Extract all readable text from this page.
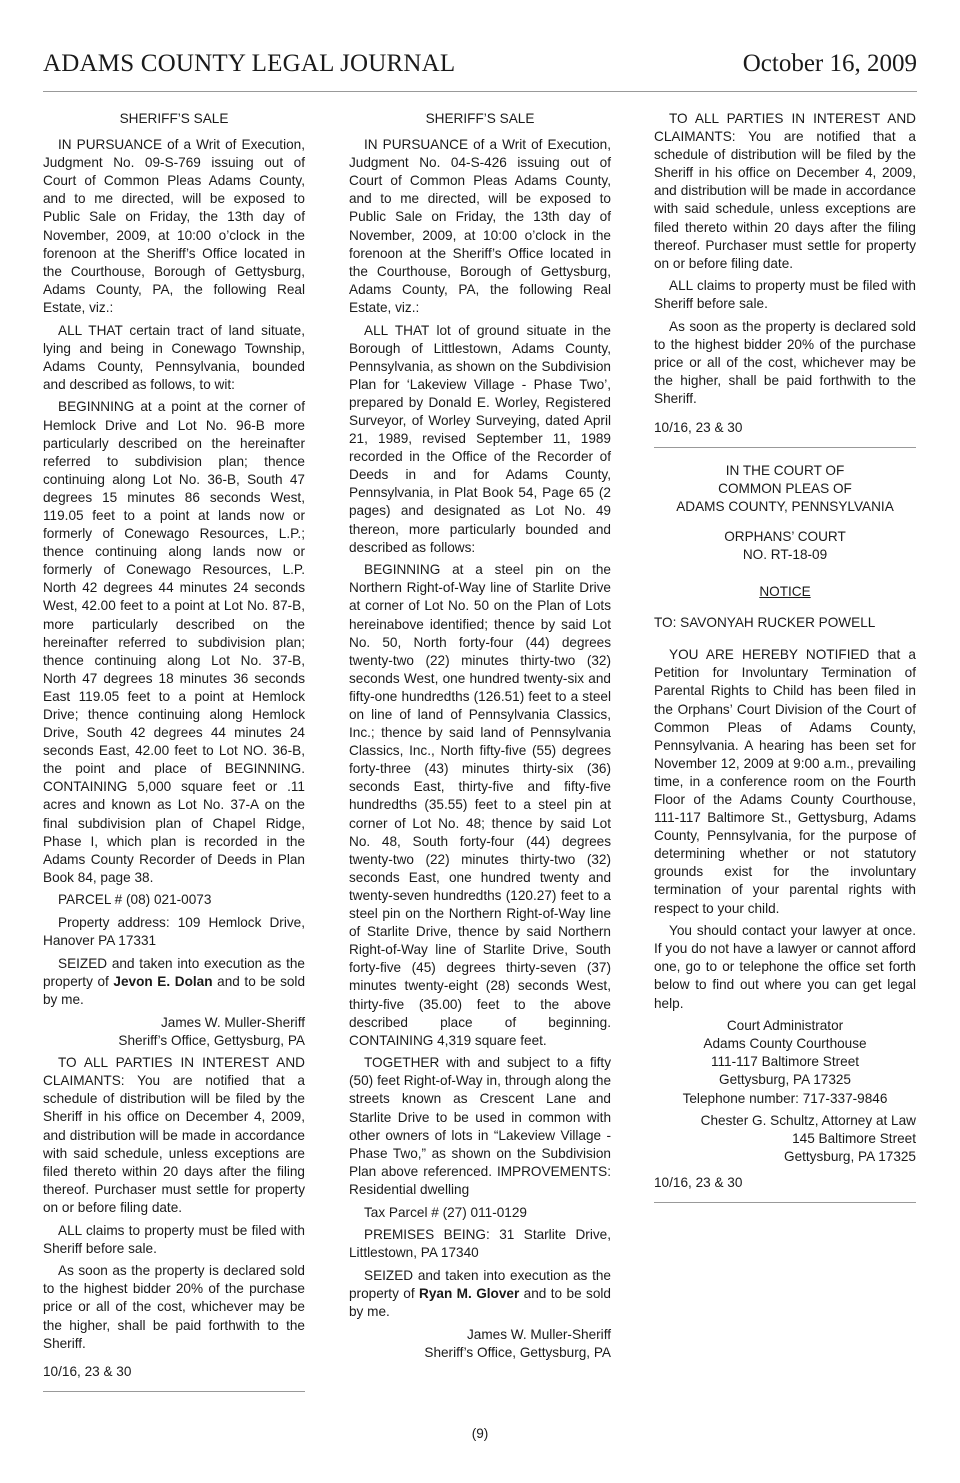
ADAMS COUNTY LEGAL JOURNAL	October 16, 2009
SHERIFF’S SALE

IN PURSUANCE of a Writ of Execution, Judgment No. 09-S-769 issuing out of Court of Common Pleas Adams County, and to me directed, will be exposed to Public Sale on Friday, the 13th day of November, 2009, at 10:00 o’clock in the forenoon at the Sheriff’s Office located in the Courthouse, Borough of Gettysburg, Adams County, PA, the following Real Estate, viz.:

ALL THAT certain tract of land situate, lying and being in Conewago Township, Adams County, Pennsylvania, bounded and described as follows, to wit:

BEGINNING at a point at the corner of Hemlock Drive and Lot No. 96-B more particularly described on the hereinafter referred to subdivision plan; thence continuing along Lot No. 36-B, South 47 degrees 15 minutes 86 seconds West, 119.05 feet to a point at lands now or formerly of Conewago Resources, L.P.; thence continuing along lands now or formerly of Conewago Resources, L.P. North 42 degrees 44 minutes 24 seconds West, 42.00 feet to a point at Lot No. 87-B, more particularly described on the hereinafter referred to subdivision plan; thence continuing along Lot No. 37-B, North 47 degrees 18 minutes 36 seconds East 119.05 feet to a point at Hemlock Drive; thence continuing along Hemlock Drive, South 42 degrees 44 minutes 24 seconds East, 42.00 feet to Lot NO. 36-B, the point and place of BEGINNING. CONTAINING 5,000 square feet or .11 acres and known as Lot No. 37-A on the final subdivision plan of Chapel Ridge, Phase I, which plan is recorded in the Adams County Recorder of Deeds in Plan Book 84, page 38.

PARCEL # (08) 021-0073

Property address: 109 Hemlock Drive, Hanover PA 17331

SEIZED and taken into execution as the property of Jevon E. Dolan and to be sold by me.

James W. Muller-Sheriff
Sheriff’s Office, Gettysburg, PA

TO ALL PARTIES IN INTEREST AND CLAIMANTS: You are notified that a schedule of distribution will be filed by the Sheriff in his office on December 4, 2009, and distribution will be made in accordance with said schedule, unless exceptions are filed thereto within 20 days after the filing thereof. Purchaser must settle for property on or before filing date.

ALL claims to property must be filed with Sheriff before sale.

As soon as the property is declared sold to the highest bidder 20% of the purchase price or all of the cost, whichever may be the higher, shall be paid forthwith to the Sheriff.

10/16, 23 & 30

SHERIFF’S SALE

IN PURSUANCE of a Writ of Execution, Judgment No. 04-S-426 issuing out of Court of Common Pleas Adams County, and to me directed, will be exposed to Public Sale on Friday, the 13th day of November, 2009, at 10:00 o’clock in the forenoon at the Sheriff’s Office located in the Courthouse, Borough of Gettysburg, Adams County, PA, the following Real Estate, viz.:

ALL THAT lot of ground situate in the Borough of Littlestown, Adams County, Pennsylvania, as shown on the Subdivision Plan for ‘Lakeview Village - Phase Two’, prepared by Donald E. Worley, Registered Surveyor, of Worley Surveying, dated April 21, 1989, revised September 11, 1989 recorded in the Office of the Recorder of Deeds in and for Adams County, Pennsylvania, in Plat Book 54, Page 65 (2 pages) and designated as Lot No. 49 thereon, more particularly bounded and described as follows:

BEGINNING at a steel pin on the Northern Right-of-Way line of Starlite Drive at corner of Lot No. 50 on the Plan of Lots hereinabove identified; thence by said Lot No. 50, North forty-four (44) degrees twenty-two (22) minutes thirty-two (32) seconds West, one hundred twenty-six and fifty-one hundredths (126.51) feet to a steel on line of land of Pennsylvania Classics, Inc.; thence by said land of Pennsylvania Classics, Inc., North fifty-five (55) degrees forty-three (43) minutes thirty-six (36) seconds East, thirty-five and fifty-five hundredths (35.55) feet to a steel pin at corner of Lot No. 48; thence by said Lot No. 48, South forty-four (44) degrees twenty-two (22) minutes thirty-two (32) seconds East, one hundred twenty and twenty-seven hundredths (120.27) feet to a steel pin on the Northern Right-of-Way line of Starlite Drive, thence by said Northern Right-of-Way line of Starlite Drive, South forty-five (45) degrees thirty-seven (37) minutes twenty-eight (28) seconds West, thirty-five (35.00) feet to the above described place of beginning. CONTAINING 4,319 square feet.

TOGETHER with and subject to a fifty (50) feet Right-of-Way in, through along the streets known as Crescent Lane and Starlite Drive to be used in common with other owners of lots in “Lakeview Village - Phase Two,” as shown on the Subdivision Plan above referenced. IMPROVEMENTS: Residential dwelling

Tax Parcel # (27) 011-0129

PREMISES BEING: 31 Starlite Drive, Littlestown, PA 17340

SEIZED and taken into execution as the property of Ryan M. Glover and to be sold by me.

James W. Muller-Sheriff
Sheriff’s Office, Gettysburg, PA

TO ALL PARTIES IN INTEREST AND CLAIMANTS: You are notified that a schedule of distribution will be filed by the Sheriff in his office on December 4, 2009, and distribution will be made in accordance with said schedule, unless exceptions are filed thereto within 20 days after the filing thereof. Purchaser must settle for property on or before filing date.

ALL claims to property must be filed with Sheriff before sale.

As soon as the property is declared sold to the highest bidder 20% of the purchase price or all of the cost, whichever may be the higher, shall be paid forthwith to the Sheriff.

10/16, 23 & 30

IN THE COURT OF
COMMON PLEAS OF
ADAMS COUNTY, PENNSYLVANIA

ORPHANS’ COURT
NO. RT-18-09

NOTICE

TO: SAVONYAH RUCKER POWELL

YOU ARE HEREBY NOTIFIED that a Petition for Involuntary Termination of Parental Rights to Child has been filed in the Orphans’ Court Division of the Court of Common Pleas of Adams County, Pennsylvania. A hearing has been set for November 12, 2009 at 9:00 a.m., prevailing time, in a conference room on the Fourth Floor of the Adams County Courthouse, 111-117 Baltimore St., Gettysburg, Adams County, Pennsylvania, for the purpose of determining whether or not statutory grounds exist for the involuntary termination of your parental rights with respect to your child.

You should contact your lawyer at once. If you do not have a lawyer or cannot afford one, go to or telephone the office set forth below to find out where you can get legal help.

Court Administrator
Adams County Courthouse
111-117 Baltimore Street
Gettysburg, PA 17325
Telephone number: 717-337-9846

Chester G. Schultz, Attorney at Law
145 Baltimore Street
Gettysburg, PA 17325

10/16, 23 & 30

(9)
